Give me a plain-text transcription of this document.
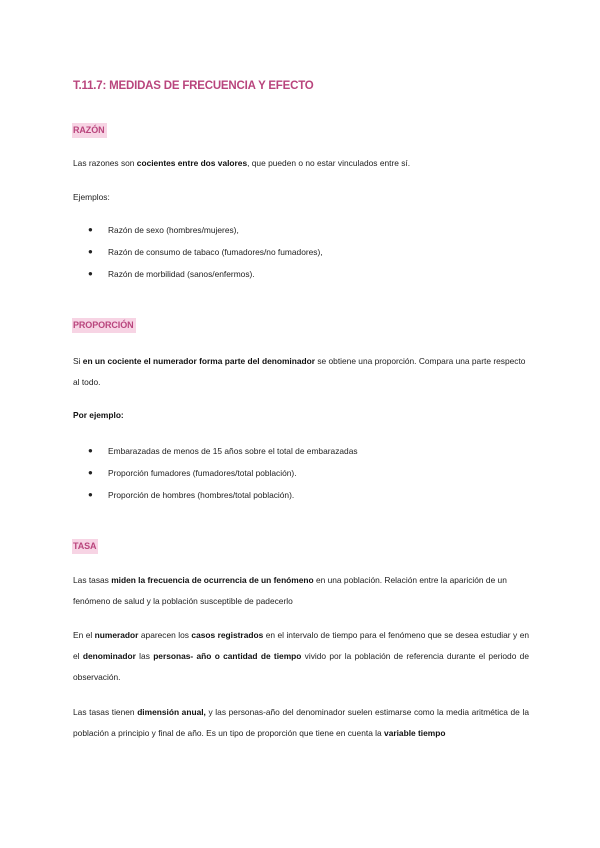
T.11.7: MEDIDAS DE FRECUENCIA Y EFECTO
RAZÓN

Las razones son cocientes entre dos valores, que pueden o no estar vinculados entre sí.

Ejemplos:

● Razón de sexo (hombres/mujeres),
● Razón de consumo de tabaco (fumadores/no fumadores),
● Razón de morbilidad (sanos/enfermos).
PROPORCIÓN

Si en un cociente el numerador forma parte del denominador se obtiene una proporción. Compara una parte respecto al todo.

Por ejemplo:

● Embarazadas de menos de 15 años sobre el total de embarazadas
● Proporción fumadores (fumadores/total población).
● Proporción de hombres (hombres/total población).
TASA

Las tasas miden la frecuencia de ocurrencia de un fenómeno en una población. Relación entre la aparición de un fenómeno de salud y la población susceptible de padecerlo

En el numerador aparecen los casos registrados en el intervalo de tiempo para el fenómeno que se desea estudiar y en el denominador las personas- año o cantidad de tiempo vivido por la población de referencia durante el periodo de observación.

Las tasas tienen dimensión anual, y las personas-año del denominador suelen estimarse como la media aritmética de la población a principio y final de año. Es un tipo de proporción que tiene en cuenta la variable tiempo
